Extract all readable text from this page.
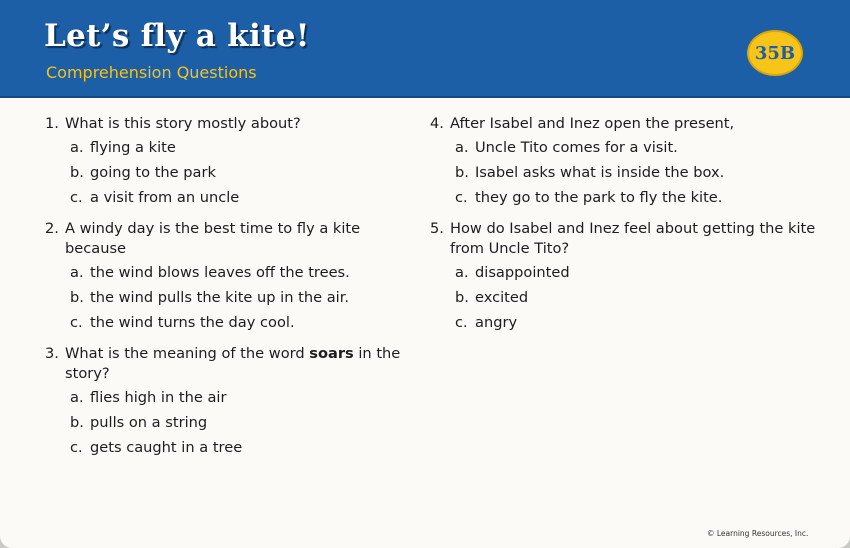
Let’s fly a kite!
Comprehension Questions
35B
1. What is this story mostly about?
a. flying a kite
b. going to the park
c. a visit from an uncle
2. A windy day is the best time to fly a kite because
a. the wind blows leaves off the trees.
b. the wind pulls the kite up in the air.
c. the wind turns the day cool.
3. What is the meaning of the word soars in the story?
a. flies high in the air
b. pulls on a string
c. gets caught in a tree
4. After Isabel and Inez open the present,
a. Uncle Tito comes for a visit.
b. Isabel asks what is inside the box.
c. they go to the park to fly the kite.
5. How do Isabel and Inez feel about getting the kite from Uncle Tito?
a. disappointed
b. excited
c. angry
© Learning Resources, Inc.
